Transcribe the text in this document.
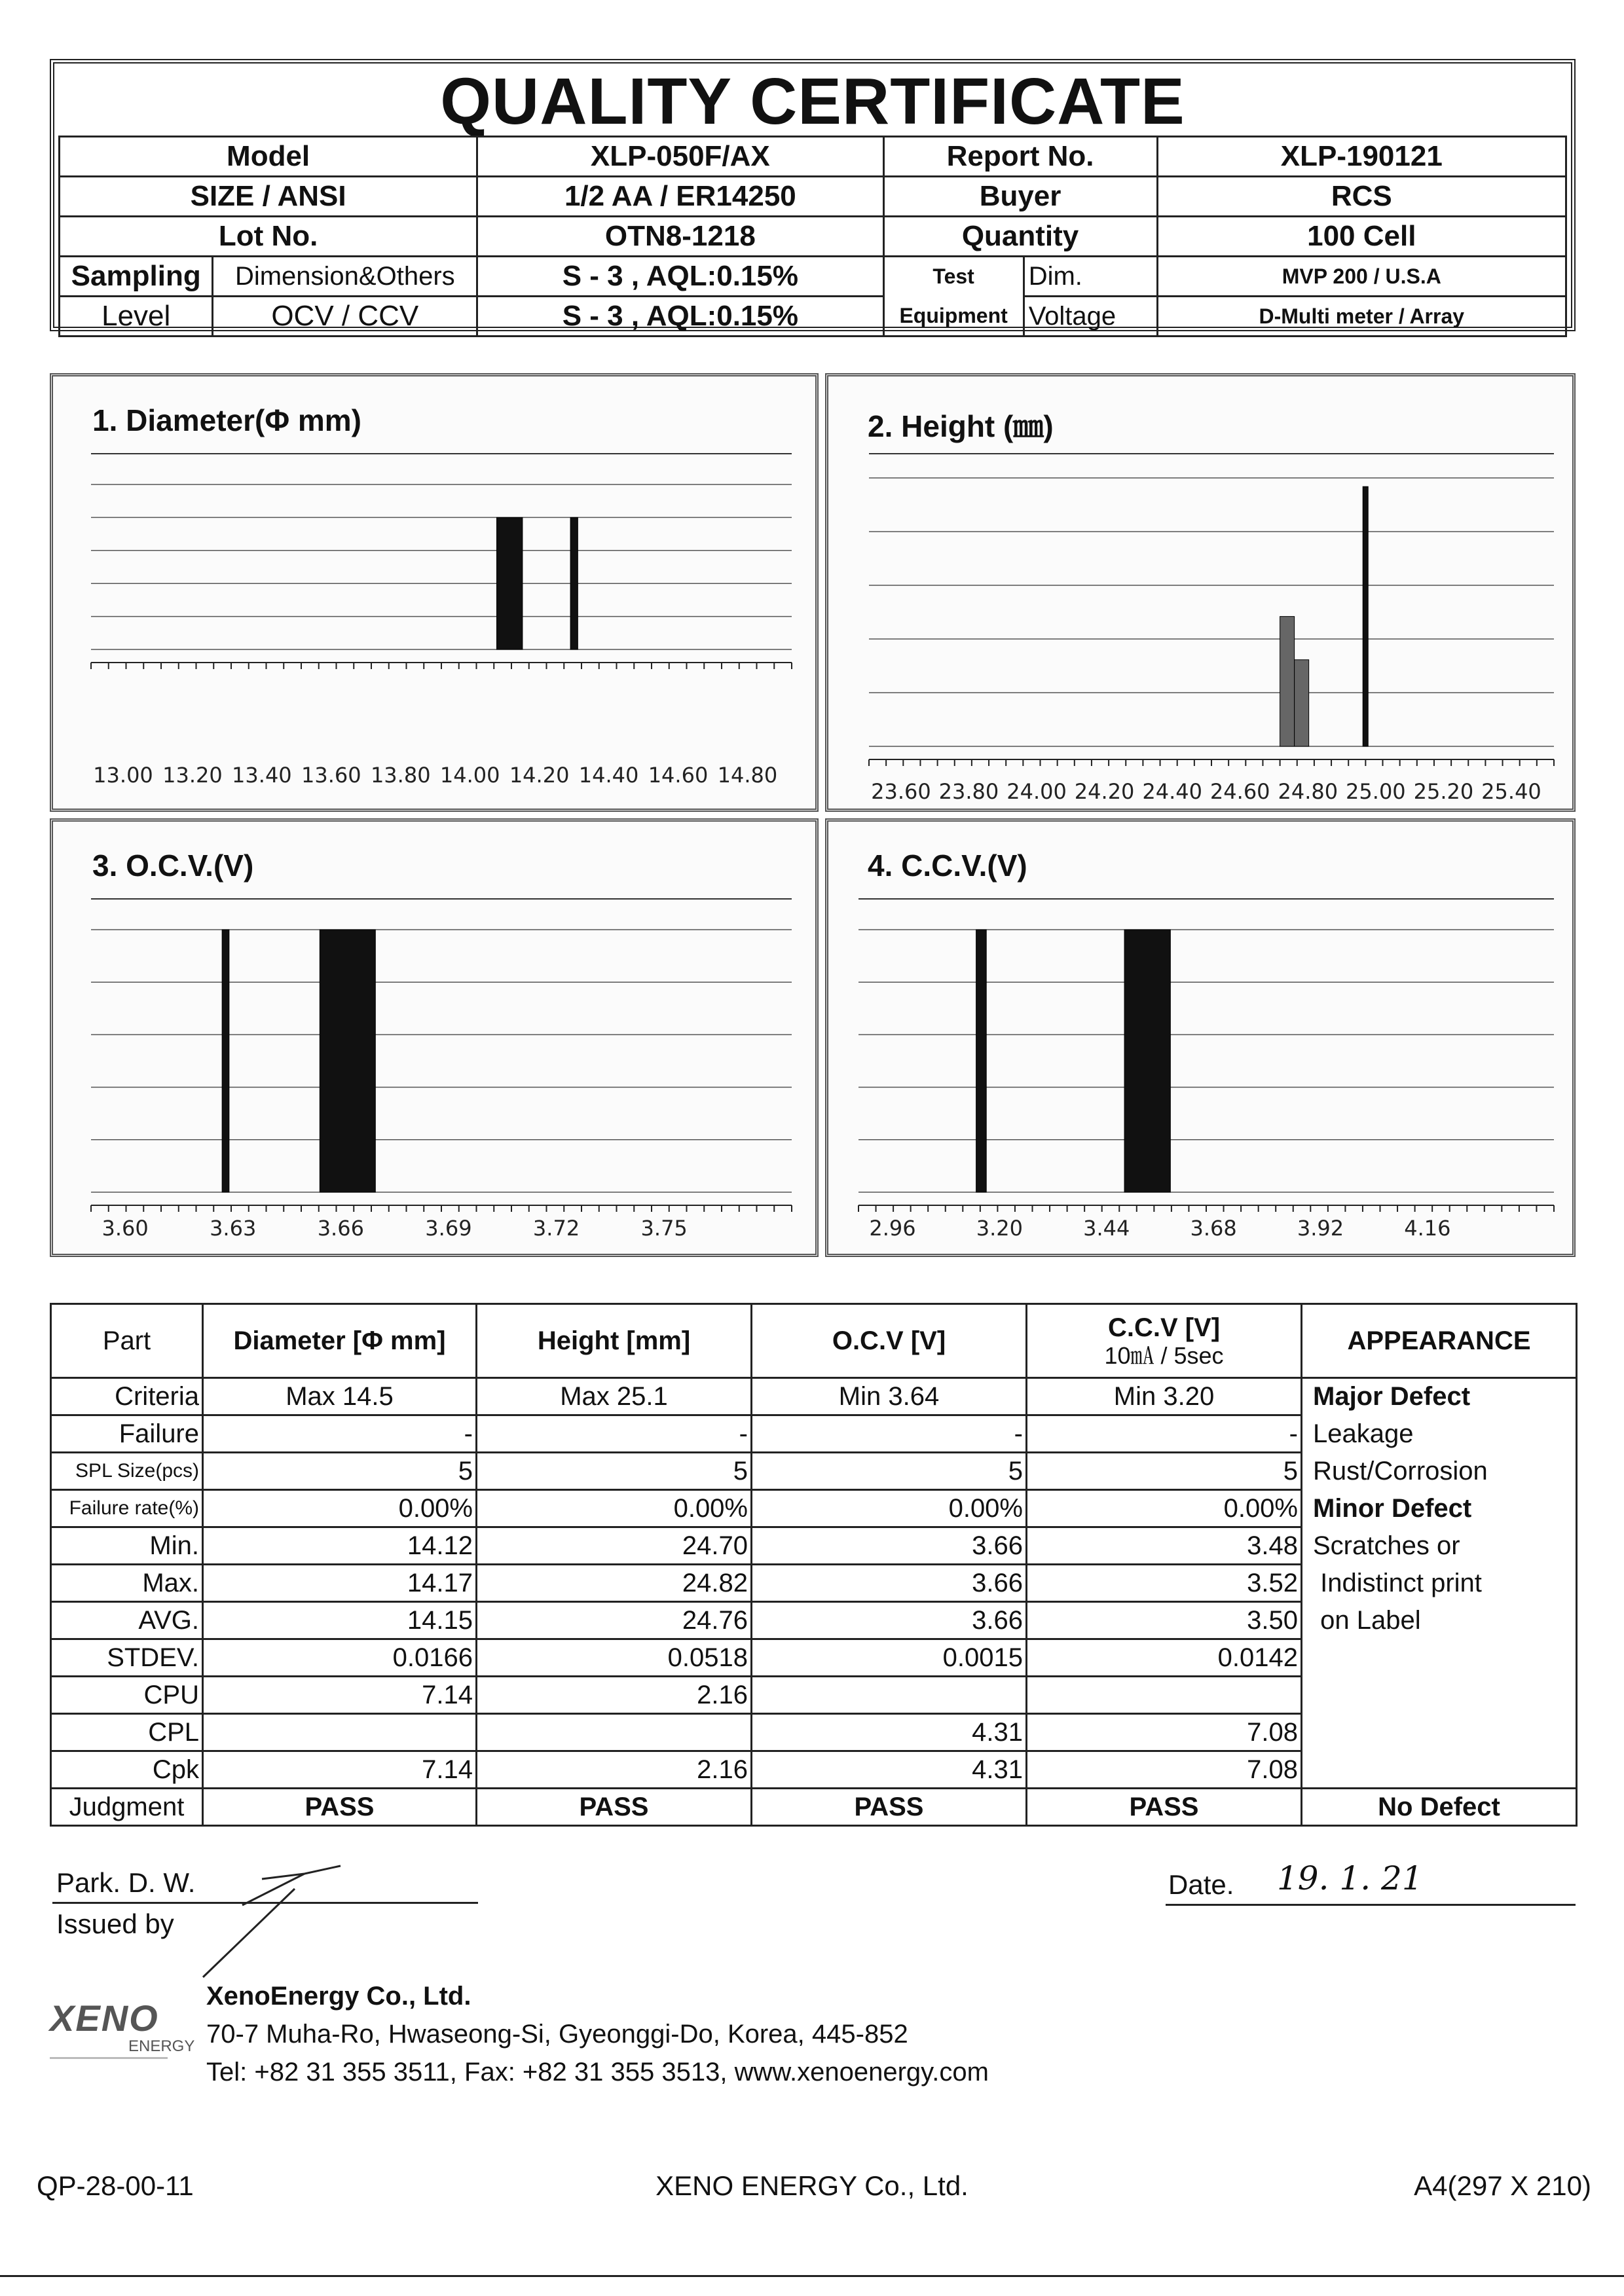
QUALITY CERTIFICATE
Model		XLP-050F/AX	Report No.		XLP-190121
SIZE / ANSI		1/2 AA / ER14250	Buyer		RCS
Lot No.		OTN8-1218	Quantity		100 Cell
Sampling	Dimension&Others	S - 3 , AQL:0.15%	Test	Dim.	MVP 200 / U.S.A
Level	OCV / CCV	S - 3 , AQL:0.15%	Equipment	Voltage	D-Multi meter / Array
1. Diameter(Φ mm)
13.00 13.20 13.40 13.60 13.80 14.00 14.20 14.40 14.60 14.80
2. Height (㎜)
23.60 23.80 24.00 24.20 24.40 24.60 24.80 25.00 25.20 25.40
3. O.C.V.(V)
3.60	3.63	3.66	3.69	3.72	3.75
4. C.C.V.(V)
2.96	3.20	3.44	3.68	3.92	4.16
Part	Diameter [Φ mm]	Height [mm]	O.C.V [V]	C.C.V [V]
10㎃ / 5sec	APPEARANCE
Criteria	Max 14.5	Max 25.1	Min 3.64	Min 3.20	Major Defect
Failure	-	-	-	-	Leakage
SPL Size(pcs)	5	5	5	5	Rust/Corrosion
Failure rate(%)	0.00%	0.00%	0.00%	0.00%	Minor Defect
Min.	14.12	24.70	3.66	3.48	Scratches or
Max.	14.17	24.82	3.66	3.52	Indistinct print
AVG.	14.15	24.76	3.66	3.50	on Label
STDEV.	0.0166	0.0518	0.0015	0.0142	
CPU	7.14	2.16			
CPL			4.31	7.08	
Cpk	7.14	2.16	4.31	7.08	
Judgment	PASS	PASS	PASS	PASS	No Defect
Park. D. W.
Issued by
Date. 19. 1. 21
XENO
ENERGY
XenoEnergy Co., Ltd.
70-7 Muha-Ro, Hwaseong-Si, Gyeonggi-Do, Korea, 445-852
Tel: +82 31 355 3511, Fax: +82 31 355 3513, www.xenoenergy.com
QP-28-00-11	XENO ENERGY Co., Ltd.	A4(297 X 210)
